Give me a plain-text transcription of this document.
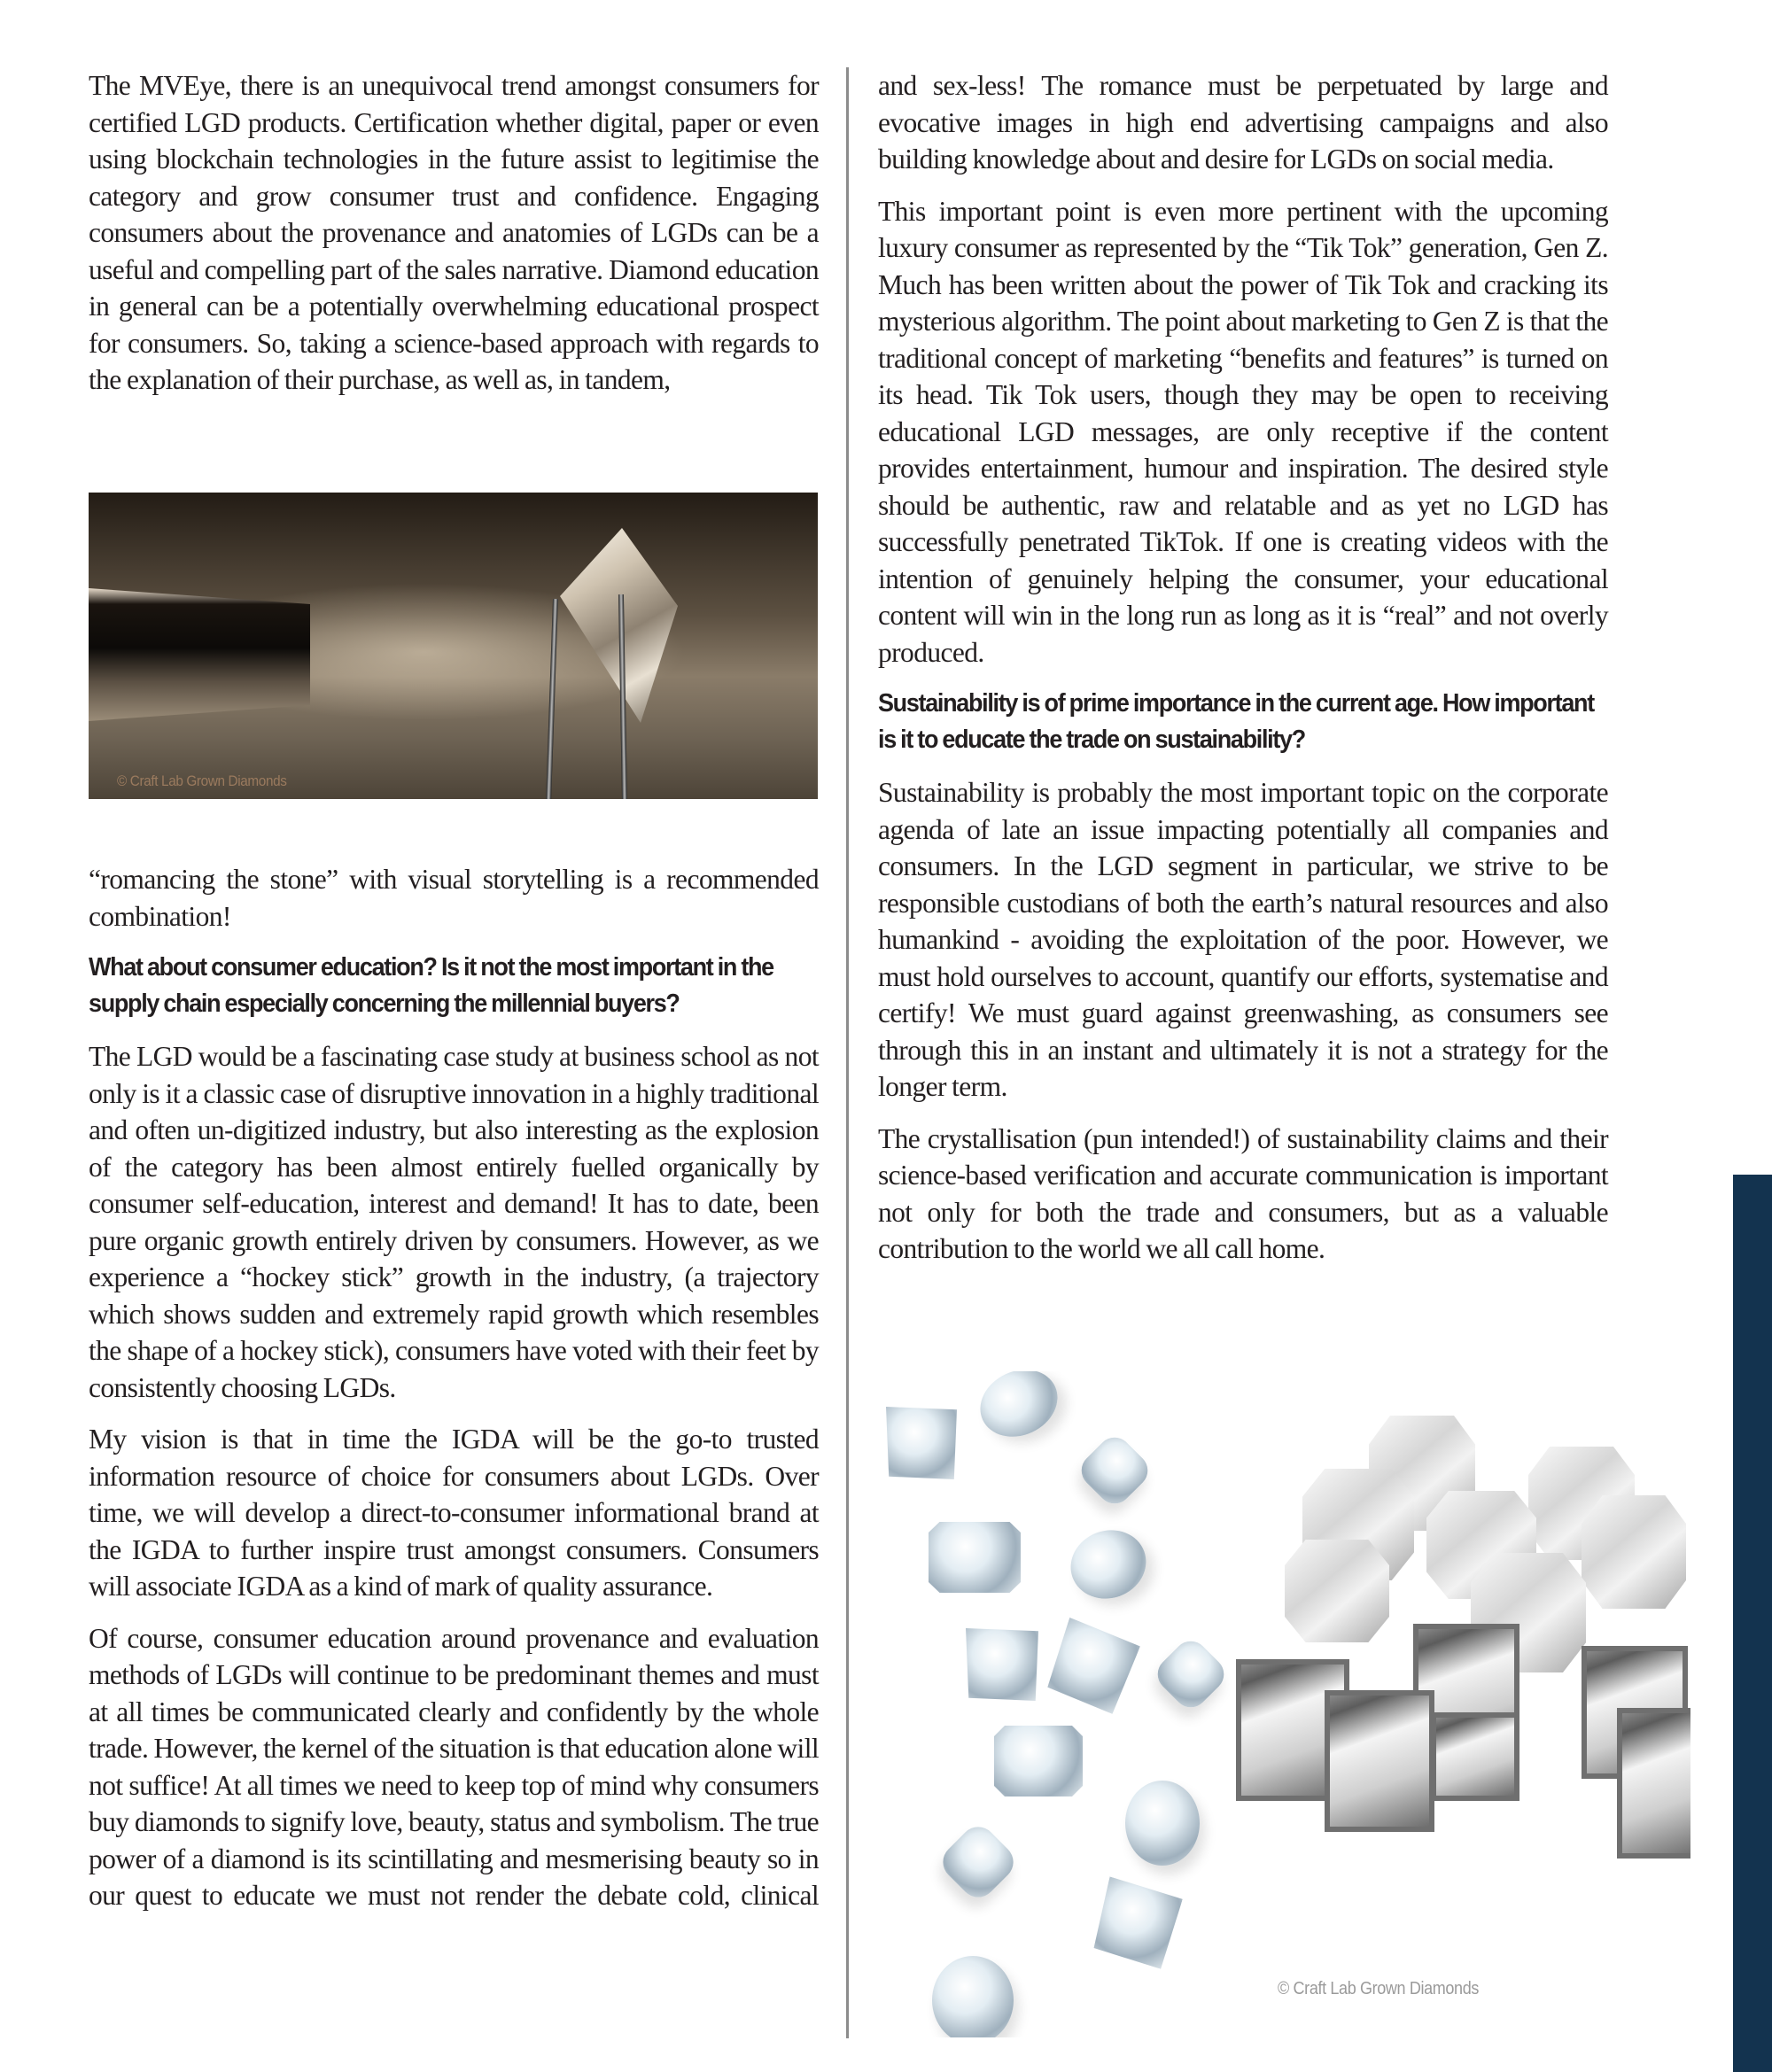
The MVEye, there is an unequivocal trend amongst consumers for certified LGD products. Certification whether digital, paper or even using blockchain technologies in the future assist to legitimise the category and grow consumer trust and confidence. Engaging consumers about the provenance and anatomies of LGDs can be a useful and compelling part of the sales narrative. Diamond education in general can be a potentially overwhelming educational prospect for consumers. So, taking a science-based approach with regards to the explanation of their purchase, as well as, in tandem,

© Craft Lab Grown Diamonds

“romancing the stone” with visual storytelling is a recommended combination!

What about consumer education? Is it not the most important in the supply chain especially concerning the millennial buyers?

The LGD would be a fascinating case study at business school as not only is it a classic case of disruptive innovation in a highly traditional and often un-digitized industry, but also interesting as the explosion of the category has been almost entirely fuelled organically by consumer self-education, interest and demand! It has to date, been pure organic growth entirely driven by consumers. However, as we experience a “hockey stick” growth in the industry, (a trajectory which shows sudden and extremely rapid growth which resembles the shape of a hockey stick), consumers have voted with their feet by consistently choosing LGDs.

My vision is that in time the IGDA will be the go-to trusted information resource of choice for consumers about LGDs. Over time, we will develop a direct-to-consumer informational brand at the IGDA to further inspire trust amongst consumers. Consumers will associate IGDA as a kind of mark of quality assurance.

Of course, consumer education around provenance and evaluation methods of LGDs will continue to be predominant themes and must at all times be communicated clearly and confidently by the whole trade. However, the kernel of the situation is that education alone will not suffice! At all times we need to keep top of mind why consumers buy diamonds to signify love, beauty, status and symbolism. The true power of a diamond is its scintillating and mesmerising beauty so in our quest to educate we must not render the debate cold, clinical

and sex-less! The romance must be perpetuated by large and evocative images in high end advertising campaigns and also building knowledge about and desire for LGDs on social media.

This important point is even more pertinent with the upcoming luxury consumer as represented by the “Tik Tok” generation, Gen Z. Much has been written about the power of Tik Tok and cracking its mysterious algorithm. The point about marketing to Gen Z is that the traditional concept of marketing “benefits and features” is turned on its head. Tik Tok users, though they may be open to receiving educational LGD messages, are only receptive if the content provides entertainment, humour and inspiration. The desired style should be authentic, raw and relatable and as yet no LGD has successfully penetrated TikTok. If one is creating videos with the intention of genuinely helping the consumer, your educational content will win in the long run as long as it is “real” and not overly produced.

Sustainability is of prime importance in the current age. How important is it to educate the trade on sustainability?

Sustainability is probably the most important topic on the corporate agenda of late an issue impacting potentially all companies and consumers. In the LGD segment in particular, we strive to be responsible custodians of both the earth’s natural resources and also humankind - avoiding the exploitation of the poor. However, we must hold ourselves to account, quantify our efforts, systematise and certify! We must guard against greenwashing, as consumers see through this in an instant and ultimately it is not a strategy for the longer term.

The crystallisation (pun intended!) of sustainability claims and their science-based verification and accurate communication is important not only for both the trade and consumers, but as a valuable contribution to the world we all call home.

© Craft Lab Grown Diamonds
